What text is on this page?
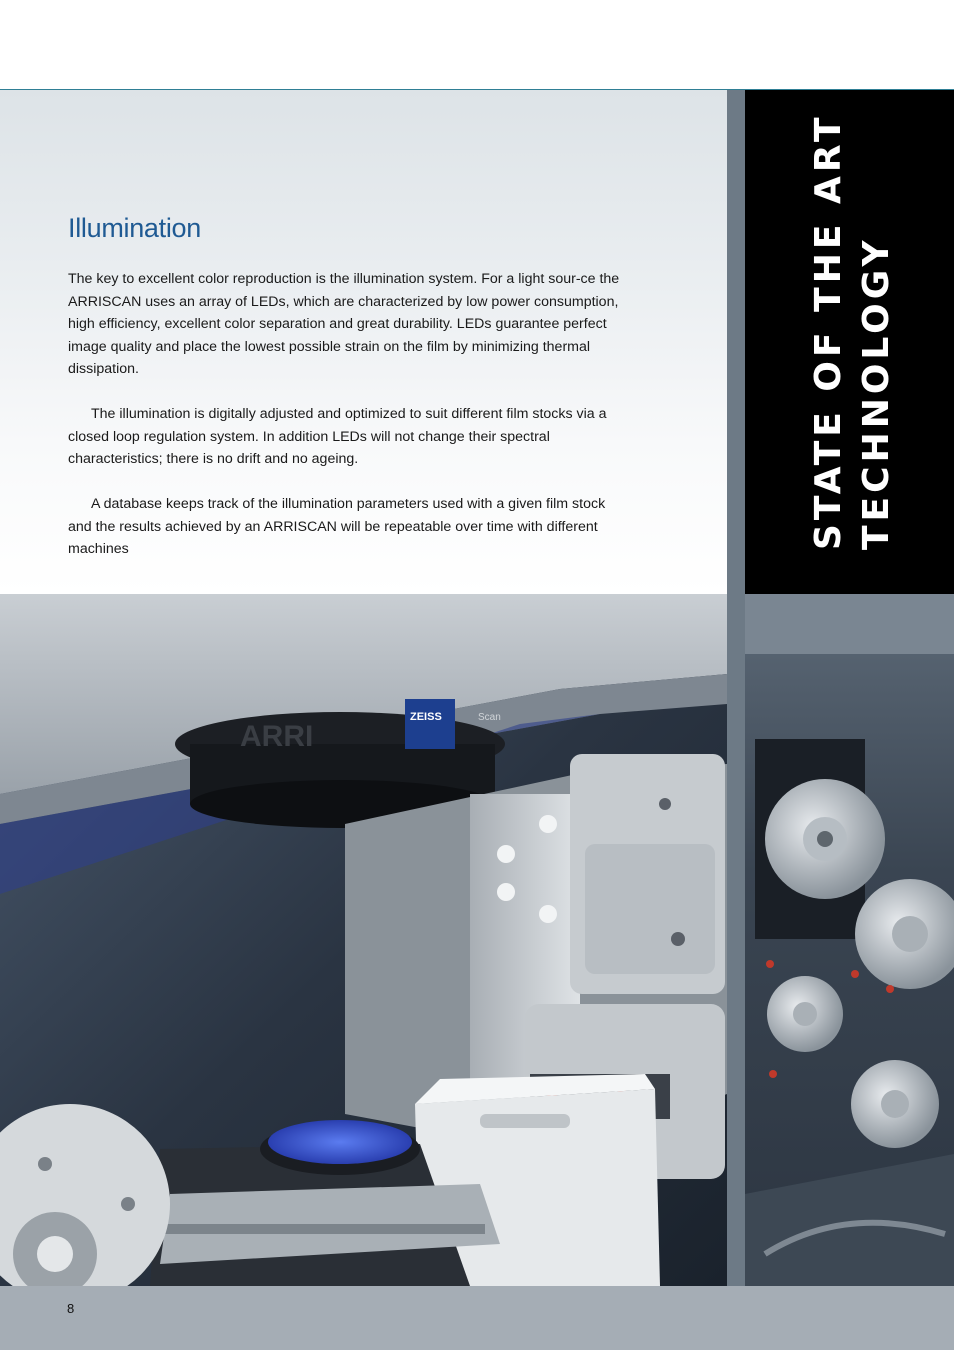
Illumination

The key to excellent color reproduction is the illumination system. For a light sour-ce the ARRISCAN uses an array of LEDs, which are characterized by low power consumption, high efficiency, excellent color separation and great durability. LEDs guarantee perfect image quality and place the lowest possible strain on the film by minimizing thermal dissipation.

The illumination is digitally adjusted and optimized to suit different film stocks via a closed loop regulation system. In addition LEDs will not change their spectral characteristics; there is no drift and no ageing.

A database keeps track of the illumination parameters used with a given film stock and the results achieved by an ARRISCAN will be repeatable over time with different machines	STATE OF THE ART TECHNOLOGY
ARRI
ZEISS	Scan
8
